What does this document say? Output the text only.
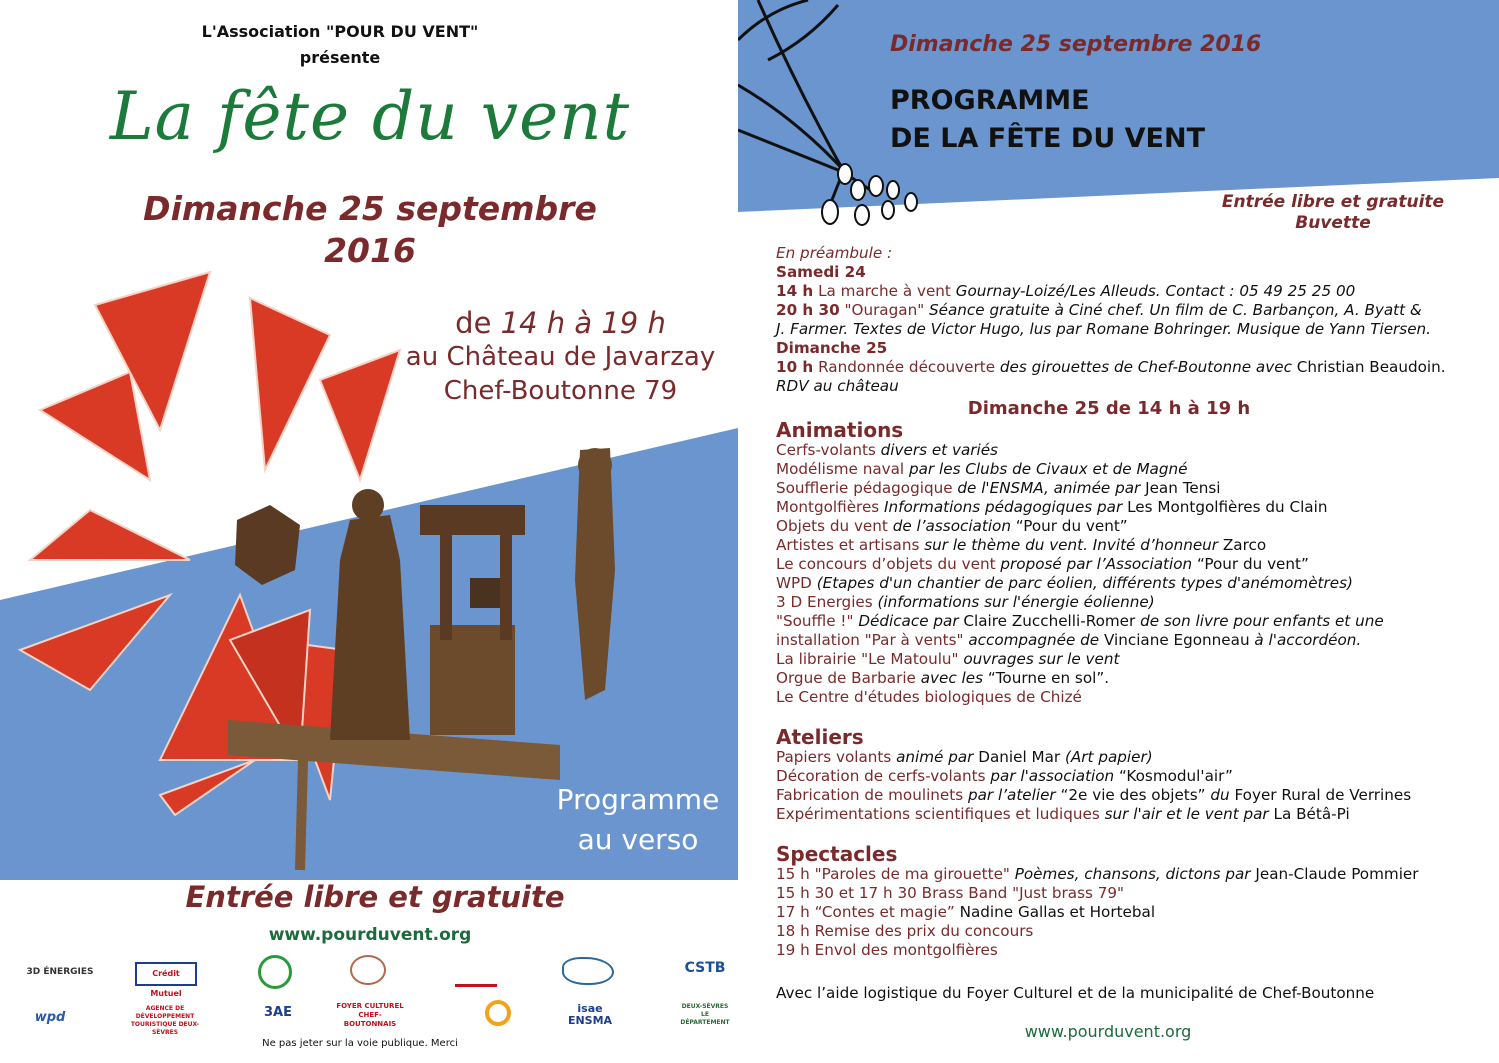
L'Association "POUR DU VENT"
présente
La fête du vent
Dimanche 25 septembre
2016
de 14 h à 19 h
au Château de Javarzay
Chef-Boutonne 79
Programme
au verso
Entrée libre et gratuite
www.pourduvent.org
3D ÉNERGIES	Crédit Mutuel
CSTB
wpd
AGENCE DE DÉVELOPPEMENT TOURISTIQUE DEUX-SÈVRES
3AE	FOYER CULTUREL CHEF-BOUTONNAIS
isae ENSMA
DEUX-SÈVRES LE DÉPARTEMENT
Ne pas jeter sur la voie publique. Merci
Dimanche 25 septembre 2016
PROGRAMME
DE LA FÊTE DU VENT
Entrée libre et gratuite
Buvette
En préambule :
Samedi 24
14 h La marche à vent Gournay-Loizé/Les Alleuds. Contact : 05 49 25 25 00
20 h 30 "Ouragan" Séance gratuite à Ciné chef. Un film de C. Barbançon, A. Byatt &
J. Farmer. Textes de Victor Hugo, lus par Romane Bohringer. Musique de Yann Tiersen.
Dimanche 25
10 h Randonnée découverte des girouettes de Chef-Boutonne avec Christian Beaudoin.
RDV au château
Dimanche 25 de 14 h à 19 h
Animations
Cerfs-volants divers et variés
Modélisme naval par les Clubs de Civaux et de Magné
Soufflerie pédagogique de l'ENSMA, animée par Jean Tensi
Montgolfières Informations pédagogiques par Les Montgolfières du Clain
Objets du vent de l’association “Pour du vent”
Artistes et artisans sur le thème du vent. Invité d’honneur Zarco
Le concours d’objets du vent proposé par l’Association “Pour du vent”
WPD (Etapes d'un chantier de parc éolien, différents types d'anémomètres)
3 D Energies (informations sur l'énergie éolienne)
"Souffle !" Dédicace par Claire Zucchelli-Romer de son livre pour enfants et une
installation "Par à vents" accompagnée de Vinciane Egonneau à l'accordéon.
La librairie "Le Matoulu" ouvrages sur le vent
Orgue de Barbarie avec les “Tourne en sol”.
Le Centre d'études biologiques de Chizé
Ateliers
Papiers volants animé par Daniel Mar (Art papier)
Décoration de cerfs-volants par l'association “Kosmodul'air”
Fabrication de moulinets par l’atelier “2e vie des objets” du Foyer Rural de Verrines
Expérimentations scientifiques et ludiques sur l'air et le vent par La Bétâ-Pi
Spectacles
15 h "Paroles de ma girouette" Poèmes, chansons, dictons par Jean-Claude Pommier
15 h 30 et 17 h 30 Brass Band "Just brass 79"
17 h “Contes et magie” Nadine Gallas et Hortebal
18 h Remise des prix du concours
19 h Envol des montgolfières
Avec l’aide logistique du Foyer Culturel et de la municipalité de Chef-Boutonne
www.pourduvent.org
